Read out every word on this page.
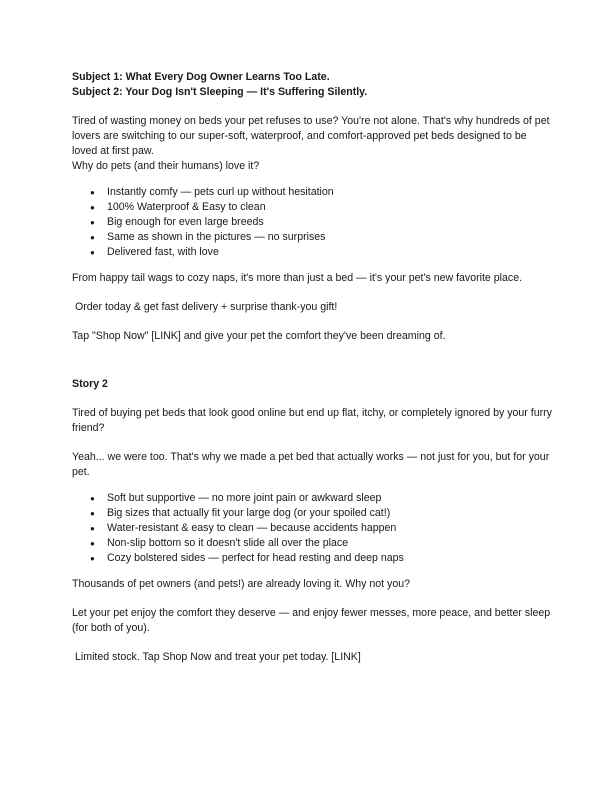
Subject 1: What Every Dog Owner Learns Too Late.

Subject 2: Your Dog Isn't Sleeping — It's Suffering Silently.

Tired of wasting money on beds your pet refuses to use? You're not alone. That's why hundreds of pet lovers are switching to our super-soft, waterproof, and comfort-approved pet beds designed to be loved at first paw.

Why do pets (and their humans) love it?

● Instantly comfy — pets curl up without hesitation
● 100% Waterproof & Easy to clean
● Big enough for even large breeds
● Same as shown in the pictures — no surprises
● Delivered fast, with love

From happy tail wags to cozy naps, it's more than just a bed — it's your pet's new favorite place.

Order today & get fast delivery + surprise thank-you gift!

Tap "Shop Now" [LINK] and give your pet the comfort they've been dreaming of.

Story 2

Tired of buying pet beds that look good online but end up flat, itchy, or completely ignored by your furry friend?

Yeah... we were too. That's why we made a pet bed that actually works — not just for you, but for your pet.

● Soft but supportive — no more joint pain or awkward sleep
● Big sizes that actually fit your large dog (or your spoiled cat!)
● Water-resistant & easy to clean — because accidents happen
● Non-slip bottom so it doesn't slide all over the place
● Cozy bolstered sides — perfect for head resting and deep naps

Thousands of pet owners (and pets!) are already loving it. Why not you?

Let your pet enjoy the comfort they deserve — and enjoy fewer messes, more peace, and better sleep (for both of you).

Limited stock. Tap Shop Now and treat your pet today. [LINK]
